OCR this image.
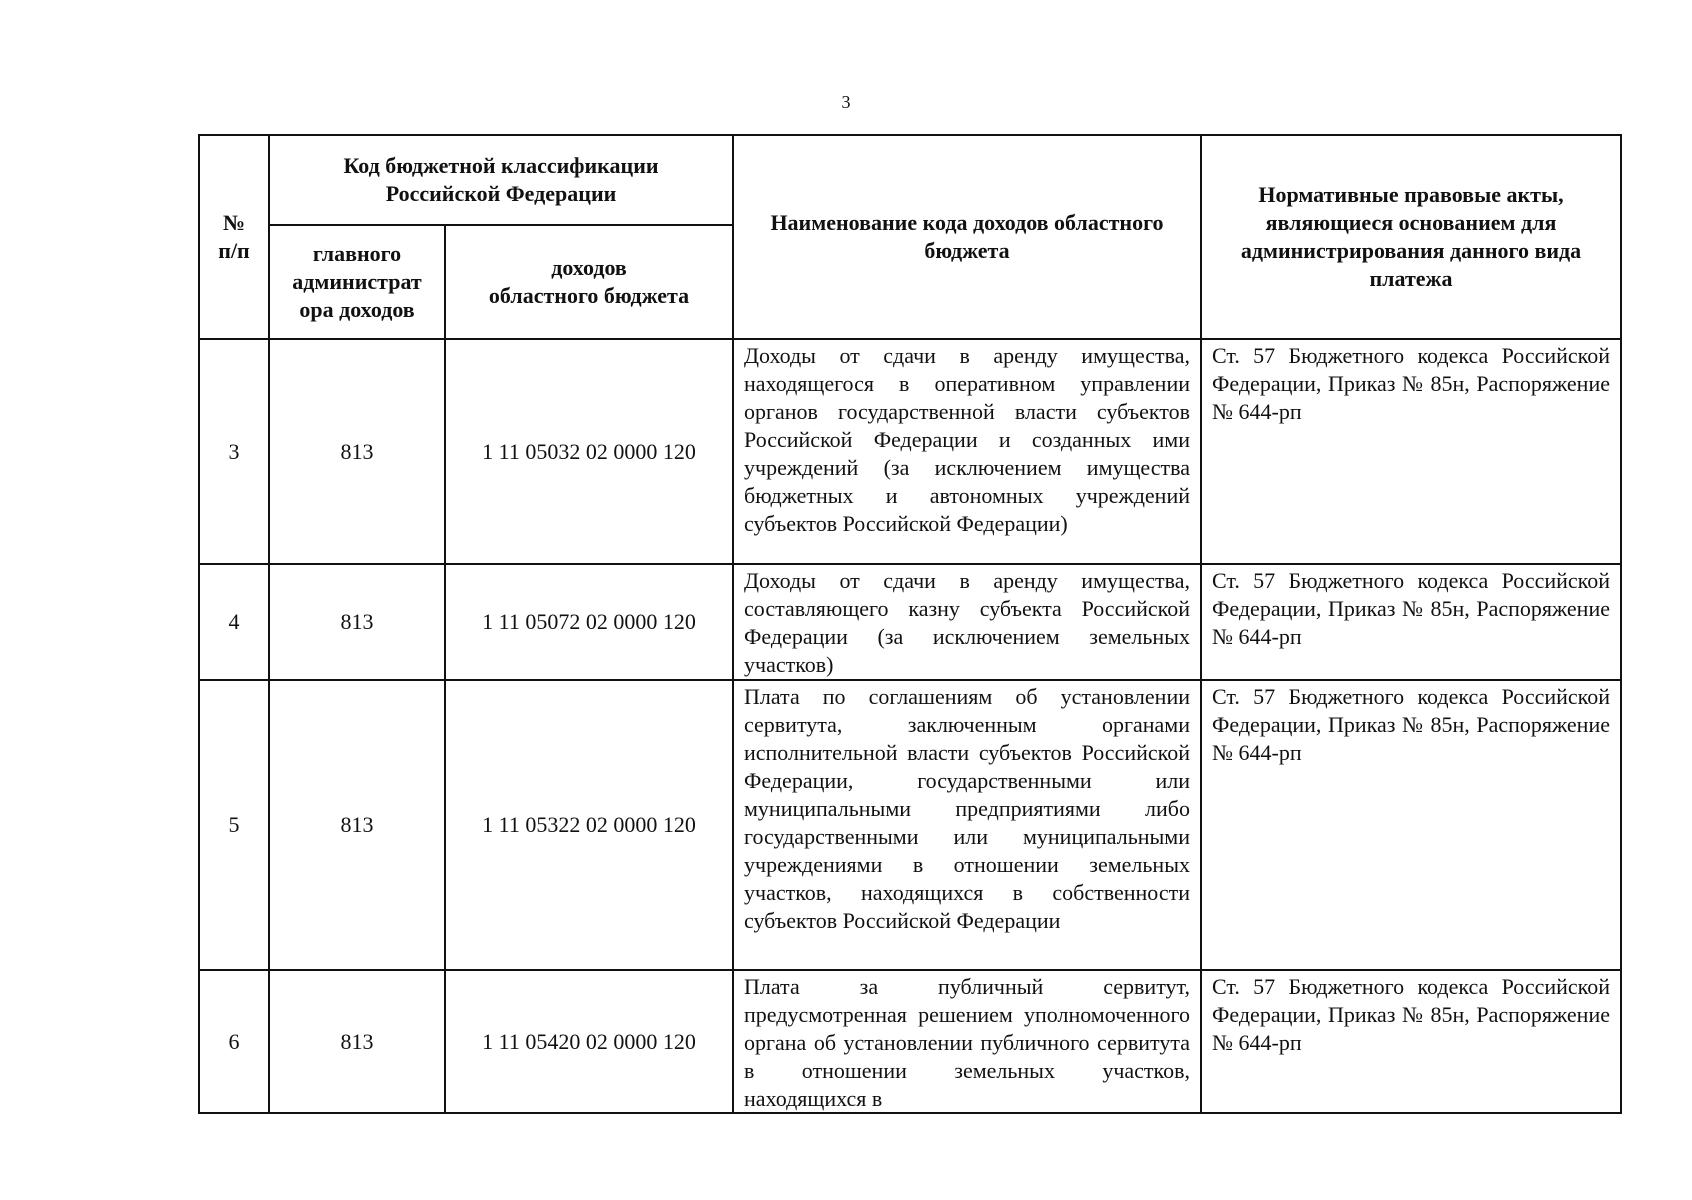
3
№ п/п	Код бюджетной классификации Российской Федерации		Наименование кода доходов областного бюджета	Нормативные правовые акты, являющиеся основанием для администрирования данного вида платежа
	главного администрат ора доходов	доходов
областного бюджета		

3	813	1 11 05032 02 0000 120	Доходы от сдачи в аренду имущества, находящегося в оперативном управлении органов государственной власти субъектов Российской Федерации и созданных ими учреждений (за исключением имущества бюджетных и автономных учреждений субъектов Российской Федерации)	Ст. 57 Бюджетного кодекса Российской Федерации, Приказ № 85н, Распоряжение № 644-рп
4	813	1 11 05072 02 0000 120	Доходы от сдачи в аренду имущества, составляющего казну субъекта Российской Федерации (за исключением земельных участков)	Ст. 57 Бюджетного кодекса Российской Федерации, Приказ № 85н, Распоряжение № 644-рп
5	813	1 11 05322 02 0000 120	Плата по соглашениям об установлении сервитута, заключенным органами исполнительной власти субъектов Российской Федерации, государственными или муниципальными предприятиями либо государственными или муниципальными учреждениями в отношении земельных участков, находящихся в собственности субъектов Российской Федерации	Ст. 57 Бюджетного кодекса Российской Федерации, Приказ № 85н, Распоряжение № 644-рп
6	813	1 11 05420 02 0000 120	Плата за публичный сервитут, предусмотренная решением уполномоченного органа об установлении публичного сервитута в отношении земельных участков, находящихся в	Ст. 57 Бюджетного кодекса Российской Федерации, Приказ № 85н, Распоряжение № 644-рп
